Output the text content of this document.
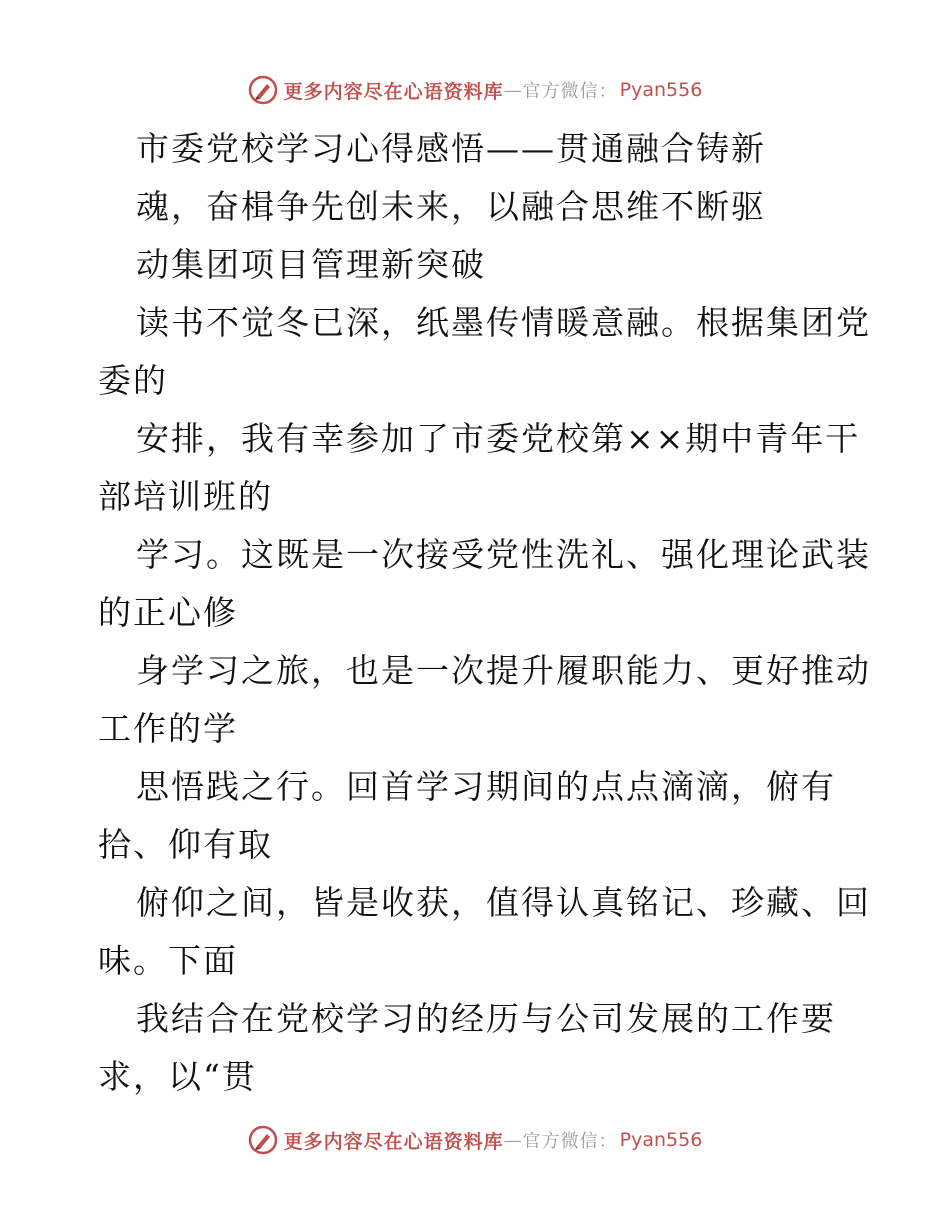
更多内容尽在心语资料库 — 官方微信： Pyan556
市委党校学习心得感悟——贯通融合铸新
魂，奋楫争先创未来，以融合思维不断驱
动集团项目管理新突破
读书不觉冬已深，纸墨传情暖意融。根据集团党
委的
安排，我有幸参加了市委党校第××期中青年干
部培训班的
学习。这既是一次接受党性洗礼、强化理论武装
的正心修
身学习之旅，也是一次提升履职能力、更好推动
工作的学
思悟践之行。回首学习期间的点点滴滴，俯有
拾、仰有取
俯仰之间，皆是收获，值得认真铭记、珍藏、回
味。下面
我结合在党校学习的经历与公司发展的工作要
求，以“贯
更多内容尽在心语资料库 — 官方微信： Pyan556
